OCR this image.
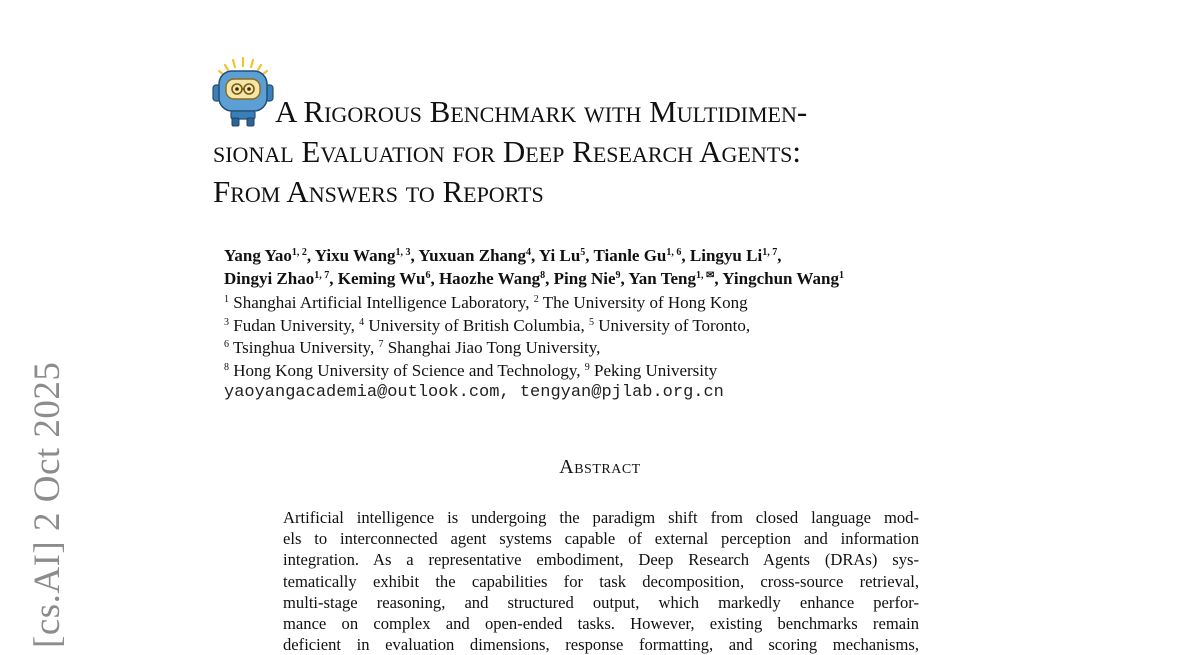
[cs.AI] 2 Oct 2025
A Rigorous Benchmark with Multidimen-
sional Evaluation for Deep Research Agents:
From Answers to Reports
Yang Yao$^{1, 2}$, Yixu Wang$^{1, 3}$, Yuxuan Zhang$^4$, Yi Lu$^5$, Tianle Gu$^{1, 6}$, Lingyu Li$^{1, 7}$,
Dingyi Zhao$^{1, 7}$, Keming Wu$^6$, Haozhe Wang$^8$, Ping Nie$^9$, Yan Teng$^{1, ✉}$, Yingchun Wang$^1$
$^1$ Shanghai Artificial Intelligence Laboratory, $^2$ The University of Hong Kong
$^3$ Fudan University, $^4$ University of British Columbia, $^5$ University of Toronto,
$^6$ Tsinghua University, $^7$ Shanghai Jiao Tong University,
$^8$ Hong Kong University of Science and Technology, $^9$ Peking University
yaoyangacademia@outlook.com, tengyan@pjlab.org.cn
Abstract
Artificial intelligence is undergoing the paradigm shift from closed language mod-
els to interconnected agent systems capable of external perception and information
integration. As a representative embodiment, Deep Research Agents (DRAs) sys-
tematically exhibit the capabilities for task decomposition, cross-source retrieval,
multi-stage reasoning, and structured output, which markedly enhance perfor-
mance on complex and open-ended tasks. However, existing benchmarks remain
deficient in evaluation dimensions, response formatting, and scoring mechanisms,
